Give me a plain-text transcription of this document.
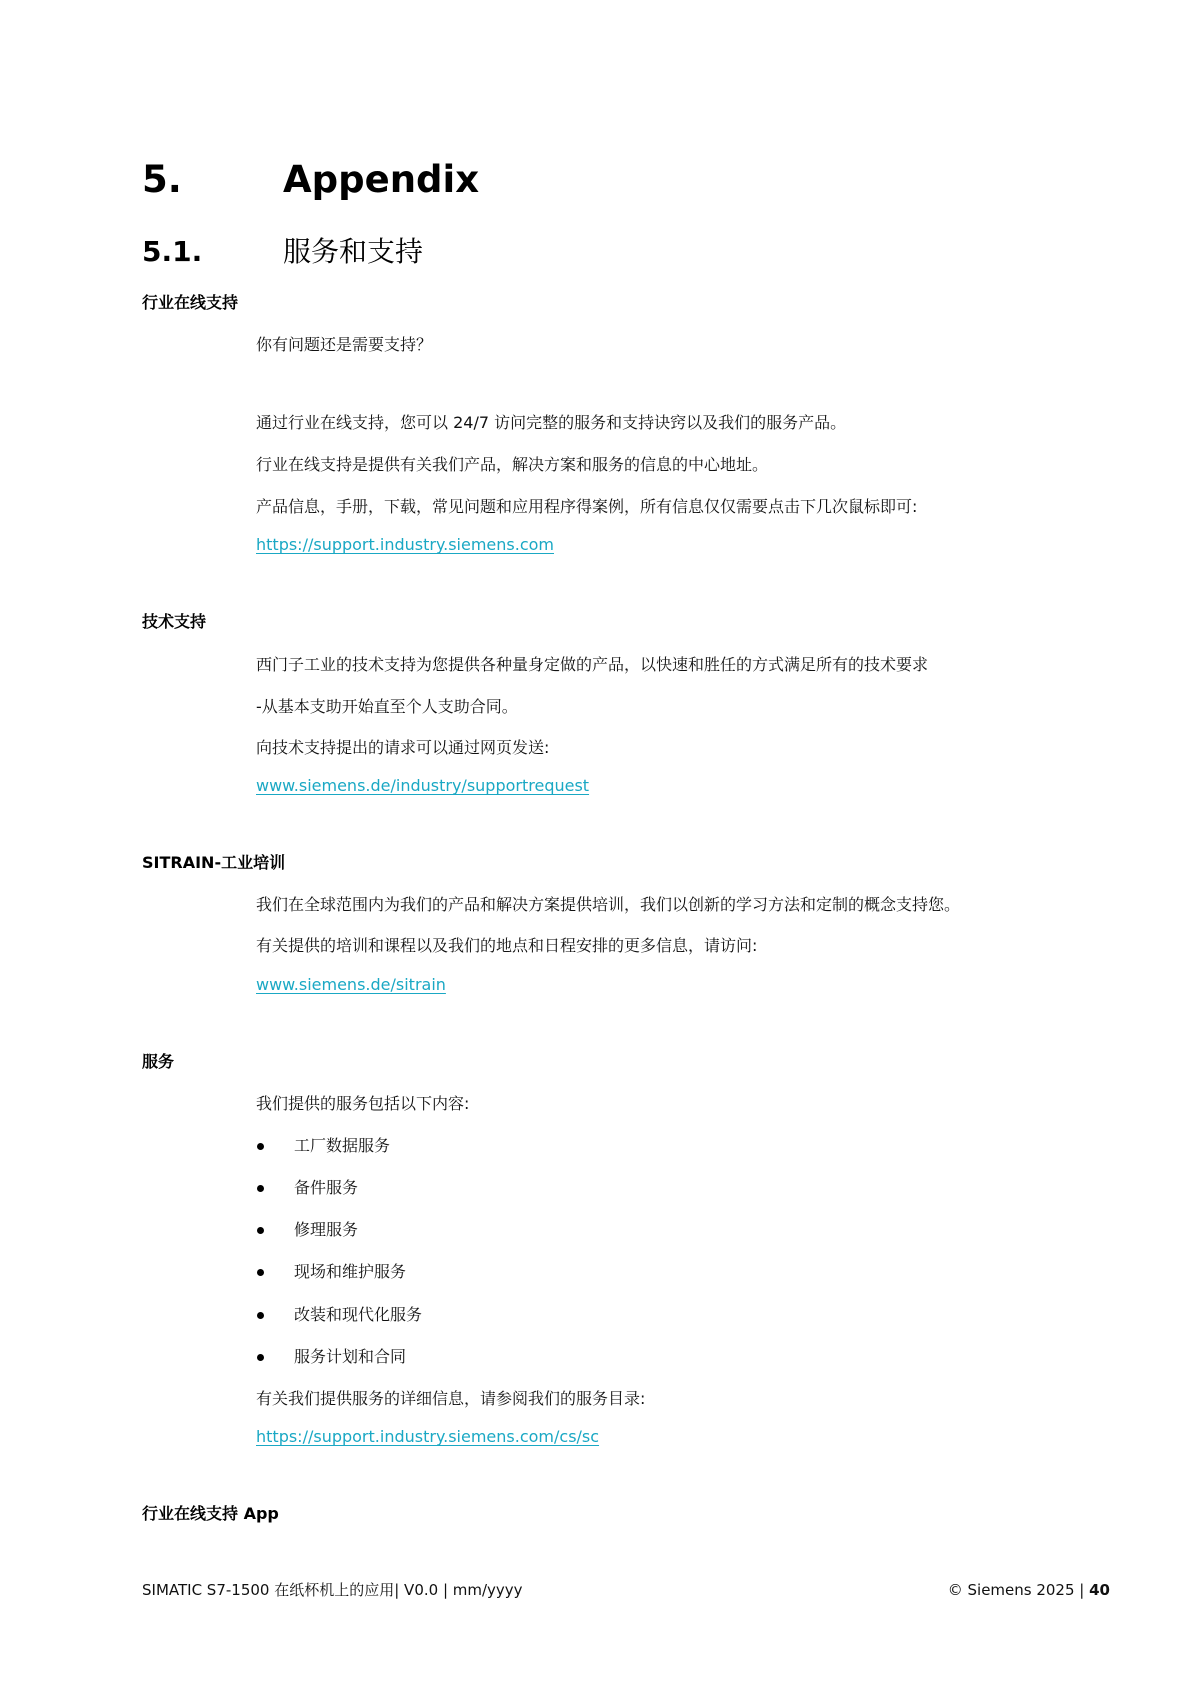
5.	Appendix
5.1.	服务和支持
行业在线支持
你有问题还是需要支持？
通过行业在线支持，您可以 24/7 访问完整的服务和支持诀窍以及我们的服务产品。
行业在线支持是提供有关我们产品，解决方案和服务的信息的中心地址。
产品信息，手册，下载，常见问题和应用程序得案例，所有信息仅仅需要点击下几次鼠标即可:
https://support.industry.siemens.com
技术支持
西门子工业的技术支持为您提供各种量身定做的产品，以快速和胜任的方式满足所有的技术要求
-从基本支助开始直至个人支助合同。
向技术支持提出的请求可以通过网页发送:
www.siemens.de/industry/supportrequest
SITRAIN-工业培训
我们在全球范围内为我们的产品和解决方案提供培训，我们以创新的学习方法和定制的概念支持您。
有关提供的培训和课程以及我们的地点和日程安排的更多信息，请访问:
www.siemens.de/sitrain
服务
我们提供的服务包括以下内容:
工厂数据服务
备件服务
修理服务
现场和维护服务
改装和现代化服务
服务计划和合同
有关我们提供服务的详细信息，请参阅我们的服务目录:
https://support.industry.siemens.com/cs/sc
行业在线支持 App
SIMATIC S7-1500 在纸杯机上的应用| V0.0 | mm/yyyy	© Siemens 2025 | 40
